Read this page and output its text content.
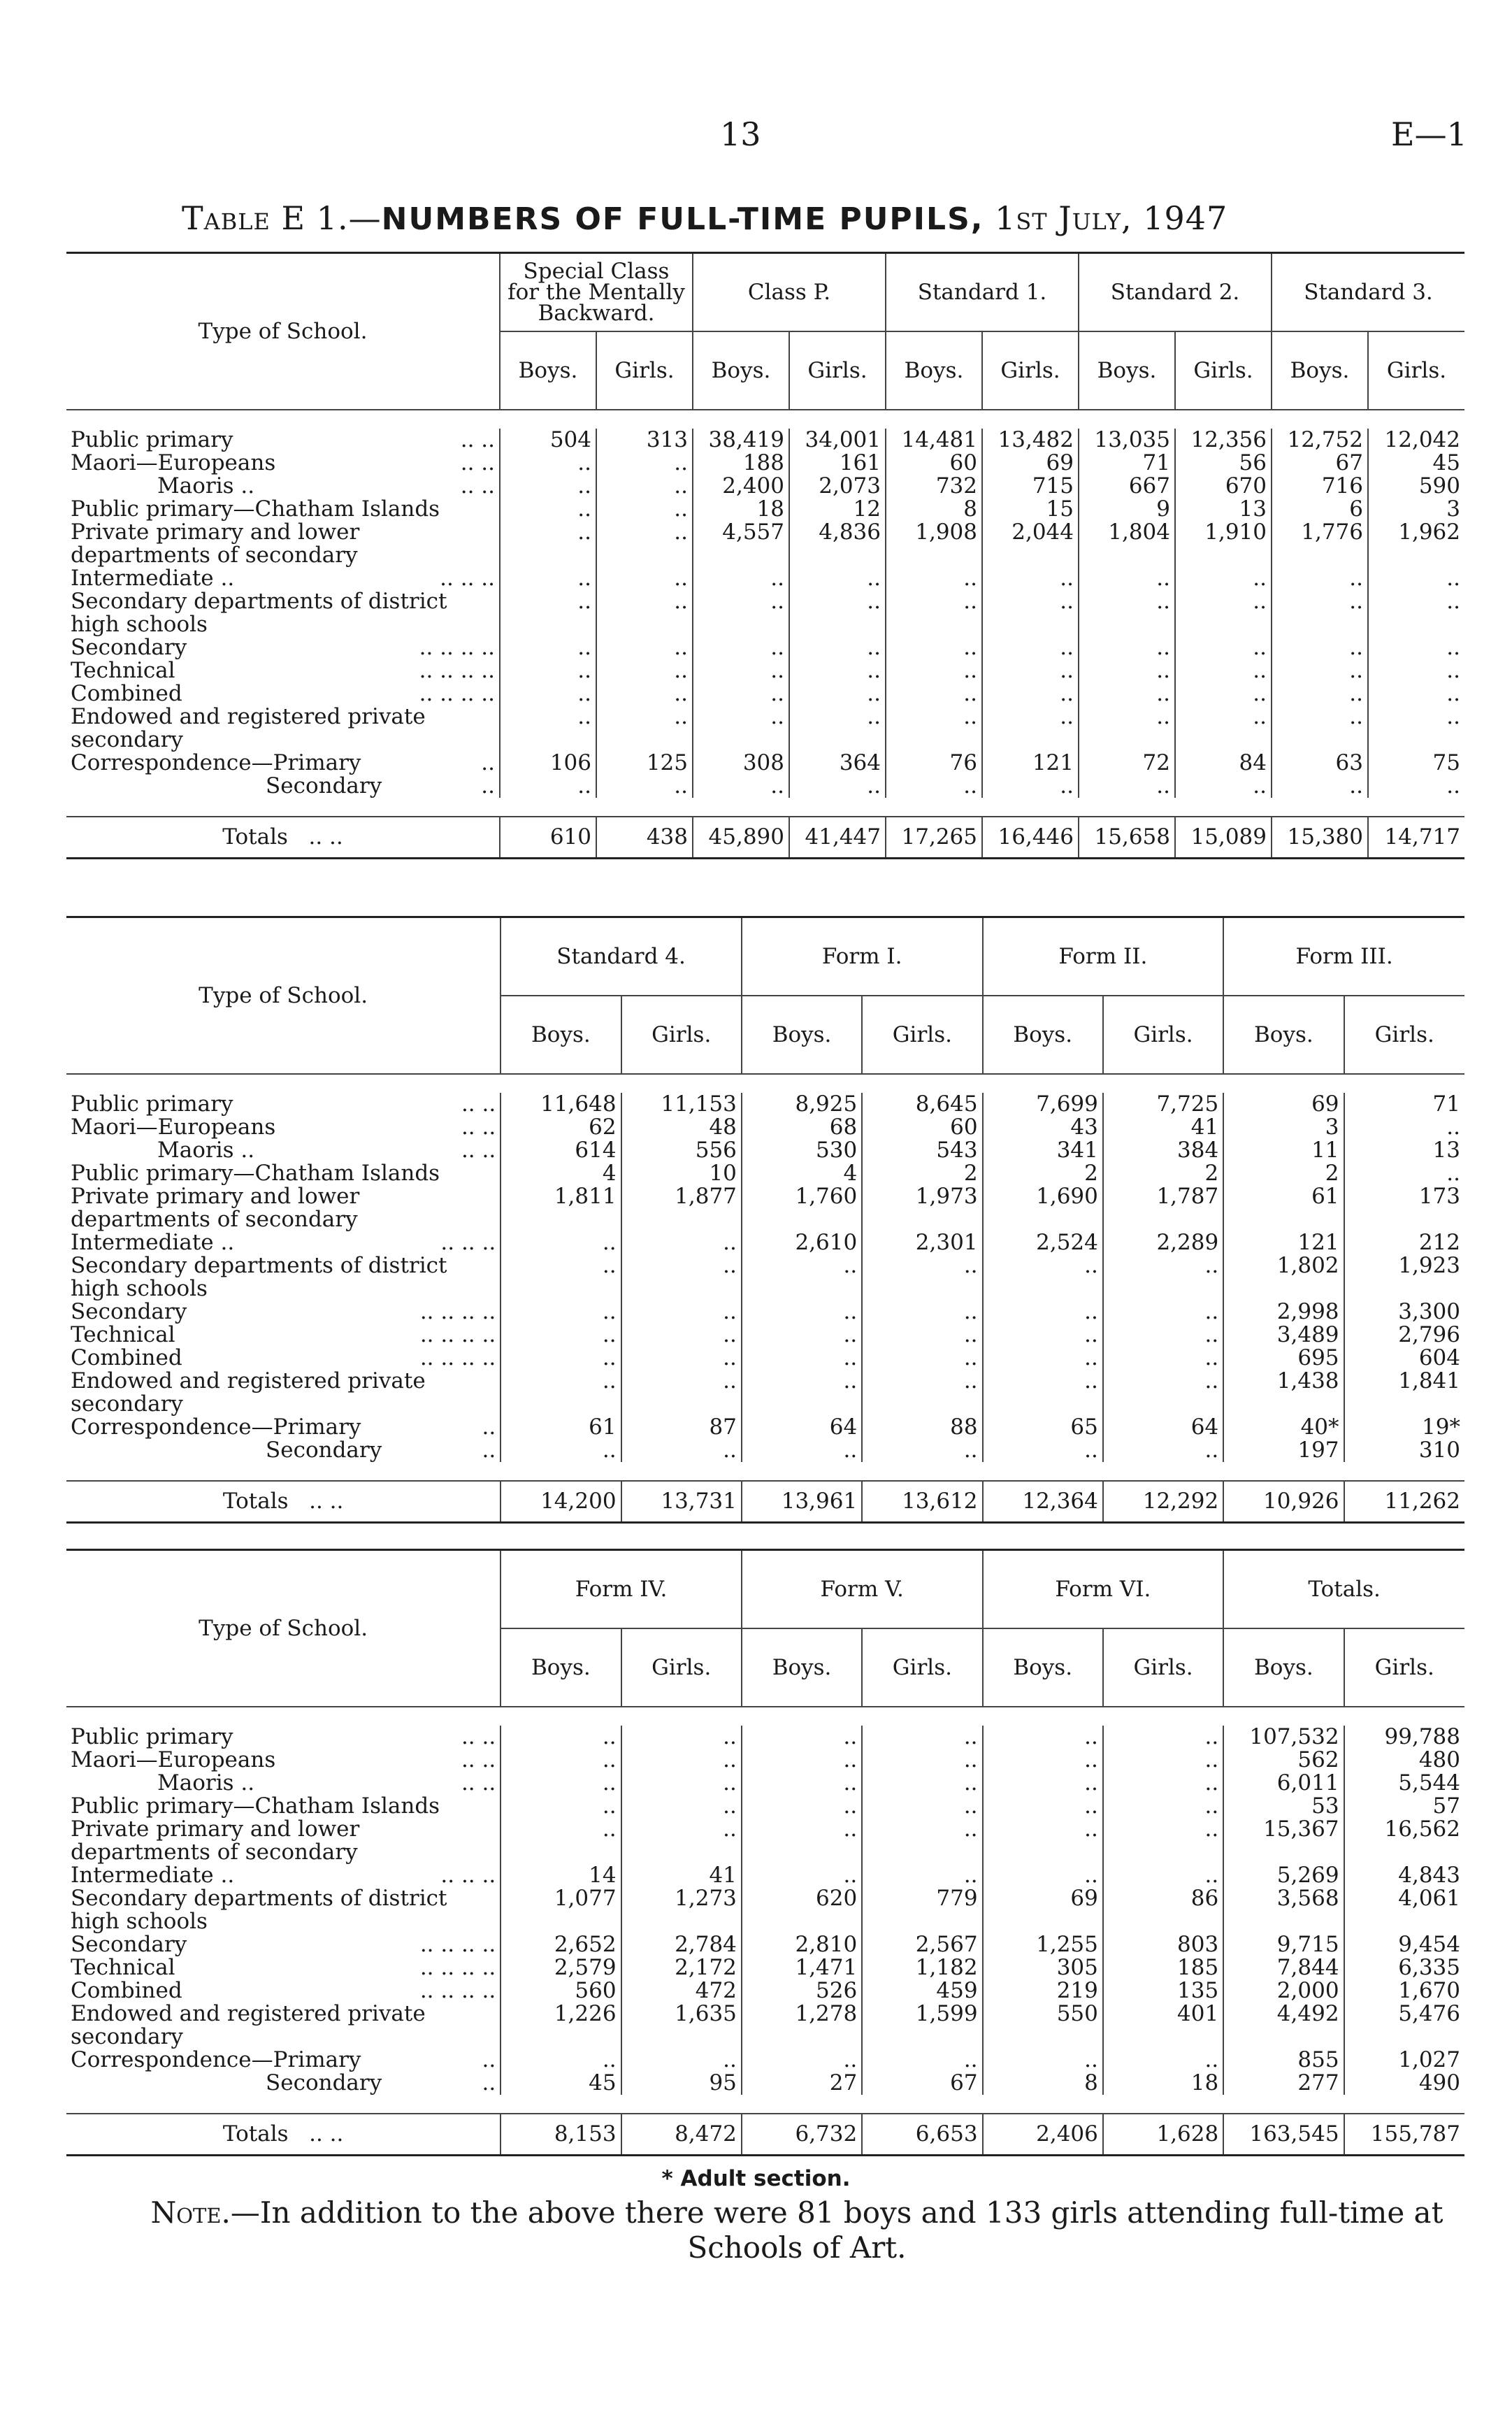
13	E—1
Table E 1.—NUMBERS OF FULL-TIME PUPILS, 1st July, 1947
Type of School.	Special Class for the Mentally Backward.		Class P.		Standard 1.		Standard 2.		Standard 3.	
	Boys.	Girls.	Boys.	Girls.	Boys.	Girls.	Boys.	Girls.	Boys.	Girls.

Public primary .. ..	504	313	38,419	34,001	14,481	13,482	13,035	12,356	12,752	12,042
Maori—Europeans .. ..	..	..	188	161	60	69	71	56	67	45
Maoris .. .. ..	..	..	2,400	2,073	732	715	667	670	716	590
Public primary—Chatham Islands	..	..	18	12	8	15	9	13	6	3
Private primary and lower departments of secondary	..	..	4,557	4,836	1,908	2,044	1,804	1,910	1,776	1,962
Intermediate .. .. .. ..	..	..	..	..	..	..	..	..	..	..
Secondary departments of district high schools	..	..	..	..	..	..	..	..	..	..
Secondary .. .. .. ..	..	..	..	..	..	..	..	..	..	..
Technical .. .. .. ..	..	..	..	..	..	..	..	..	..	..
Combined .. .. .. ..	..	..	..	..	..	..	..	..	..	..
Endowed and registered private secondary	..	..	..	..	..	..	..	..	..	..
Correspondence—Primary ..	106	125	308	364	76	121	72	84	63	75
Secondary ..	..	..	..	..	..	..	..	..	..	..

Totals .. ..	610	438	45,890	41,447	17,265	16,446	15,658	15,089	15,380	14,717
Type of School.	Standard 4.		Form I.		Form II.		Form III.	
	Boys.	Girls.	Boys.	Girls.	Boys.	Girls.	Boys.	Girls.

Public primary .. ..	11,648	11,153	8,925	8,645	7,699	7,725	69	71
Maori—Europeans .. ..	62	48	68	60	43	41	3	..
Maoris .. .. ..	614	556	530	543	341	384	11	13
Public primary—Chatham Islands	4	10	4	2	2	2	2	..
Private primary and lower departments of secondary	1,811	1,877	1,760	1,973	1,690	1,787	61	173
Intermediate .. .. .. ..	..	..	2,610	2,301	2,524	2,289	121	212
Secondary departments of district high schools	..	..	..	..	..	..	1,802	1,923
Secondary .. .. .. ..	..	..	..	..	..	..	2,998	3,300
Technical .. .. .. ..	..	..	..	..	..	..	3,489	2,796
Combined .. .. .. ..	..	..	..	..	..	..	695	604
Endowed and registered private secondary	..	..	..	..	..	..	1,438	1,841
Correspondence—Primary ..	61	87	64	88	65	64	40*	19*
Secondary ..	..	..	..	..	..	..	197	310

Totals .. ..	14,200	13,731	13,961	13,612	12,364	12,292	10,926	11,262
Type of School.	Form IV.		Form V.		Form VI.		Totals.	
	Boys.	Girls.	Boys.	Girls.	Boys.	Girls.	Boys.	Girls.

Public primary .. ..	..	..	..	..	..	..	107,532	99,788
Maori—Europeans .. ..	..	..	..	..	..	..	562	480
Maoris .. .. ..	..	..	..	..	..	..	6,011	5,544
Public primary—Chatham Islands	..	..	..	..	..	..	53	57
Private primary and lower departments of secondary	..	..	..	..	..	..	15,367	16,562
Intermediate .. .. .. ..	14	41	..	..	..	..	5,269	4,843
Secondary departments of district high schools	1,077	1,273	620	779	69	86	3,568	4,061
Secondary .. .. .. ..	2,652	2,784	2,810	2,567	1,255	803	9,715	9,454
Technical .. .. .. ..	2,579	2,172	1,471	1,182	305	185	7,844	6,335
Combined .. .. .. ..	560	472	526	459	219	135	2,000	1,670
Endowed and registered private secondary	1,226	1,635	1,278	1,599	550	401	4,492	5,476
Correspondence—Primary ..	..	..	..	..	..	..	855	1,027
Secondary ..	45	95	27	67	8	18	277	490

Totals .. ..	8,153	8,472	6,732	6,653	2,406	1,628	163,545	155,787
* Adult section.
Note.—In addition to the above there were 81 boys and 133 girls attending full-time at Schools of Art.
